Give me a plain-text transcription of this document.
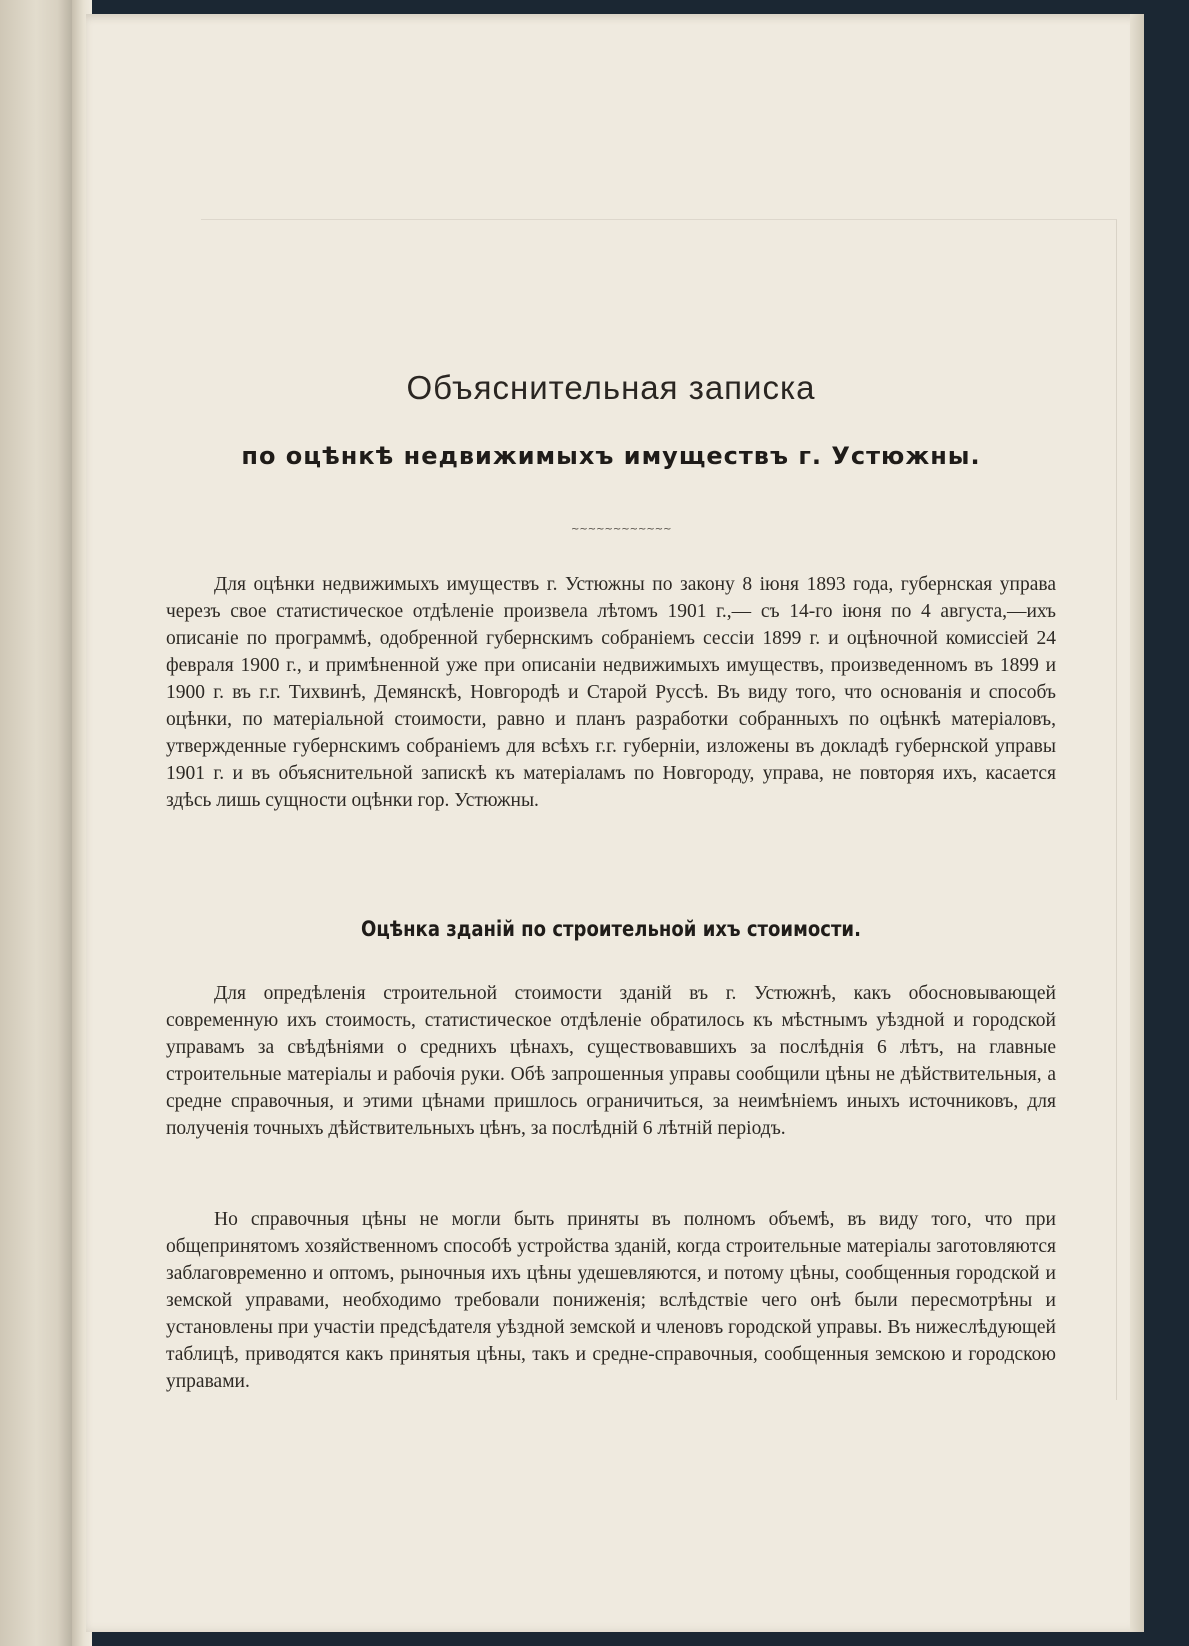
Объяснительная записка
по оцѣнкѣ недвижимыхъ имуществъ г. Устюжны.
~~~~~~~~~~~~

Для оцѣнки недвижимыхъ имуществъ г. Устюжны по закону 8 іюня 1893 года, губернская управа черезъ свое статистическое отдѣленіе произвела лѣтомъ 1901 г.,— съ 14-го іюня по 4 августа,—ихъ описаніе по программѣ, одобренной губернскимъ собраніемъ сессіи 1899 г. и оцѣночной комиссіей 24 февраля 1900 г., и примѣненной уже при описаніи недвижимыхъ имуществъ, произведенномъ въ 1899 и 1900 г. въ г.г. Тихвинѣ, Демянскѣ, Новгородѣ и Старой Руссѣ. Въ виду того, что основанія и способъ оцѣнки, по матеріальной стоимости, равно и планъ разработки собранныхъ по оцѣнкѣ матеріаловъ, утвержденные губернскимъ собраніемъ для всѣхъ г.г. губерніи, изложены въ докладѣ губернской управы 1901 г. и въ объяснительной запискѣ къ матеріаламъ по Новгороду, управа, не повторяя ихъ, касается здѣсь лишь сущности оцѣнки гор. Устюжны.

Оцѣнка зданій по строительной ихъ стоимости.

Для опредѣленія строительной стоимости зданій въ г. Устюжнѣ, какъ обосновывающей современную ихъ стоимость, статистическое отдѣленіе обратилось къ мѣстнымъ уѣздной и городской управамъ за свѣдѣніями о среднихъ цѣнахъ, существовавшихъ за послѣднія 6 лѣтъ, на главные строительные матеріалы и рабочія руки. Обѣ запрошенныя управы сообщили цѣны не дѣйствительныя, а средне справочныя, и этими цѣнами пришлось ограничиться, за неимѣніемъ иныхъ источниковъ, для полученія точныхъ дѣйствительныхъ цѣнъ, за послѣдній 6 лѣтній періодъ.

Но справочныя цѣны не могли быть приняты въ полномъ объемѣ, въ виду того, что при общепринятомъ хозяйственномъ способѣ устройства зданій, когда строительные матеріалы заготовляются заблаговременно и оптомъ, рыночныя ихъ цѣны удешевляются, и потому цѣны, сообщенныя городской и земской управами, необходимо требовали пониженія; вслѣдствіе чего онѣ были пересмотрѣны и установлены при участіи предсѣдателя уѣздной земской и членовъ городской управы. Въ нижеслѣдующей таблицѣ, приводятся какъ принятыя цѣны, такъ и средне-справочныя, сообщенныя земскою и городскою управами.
